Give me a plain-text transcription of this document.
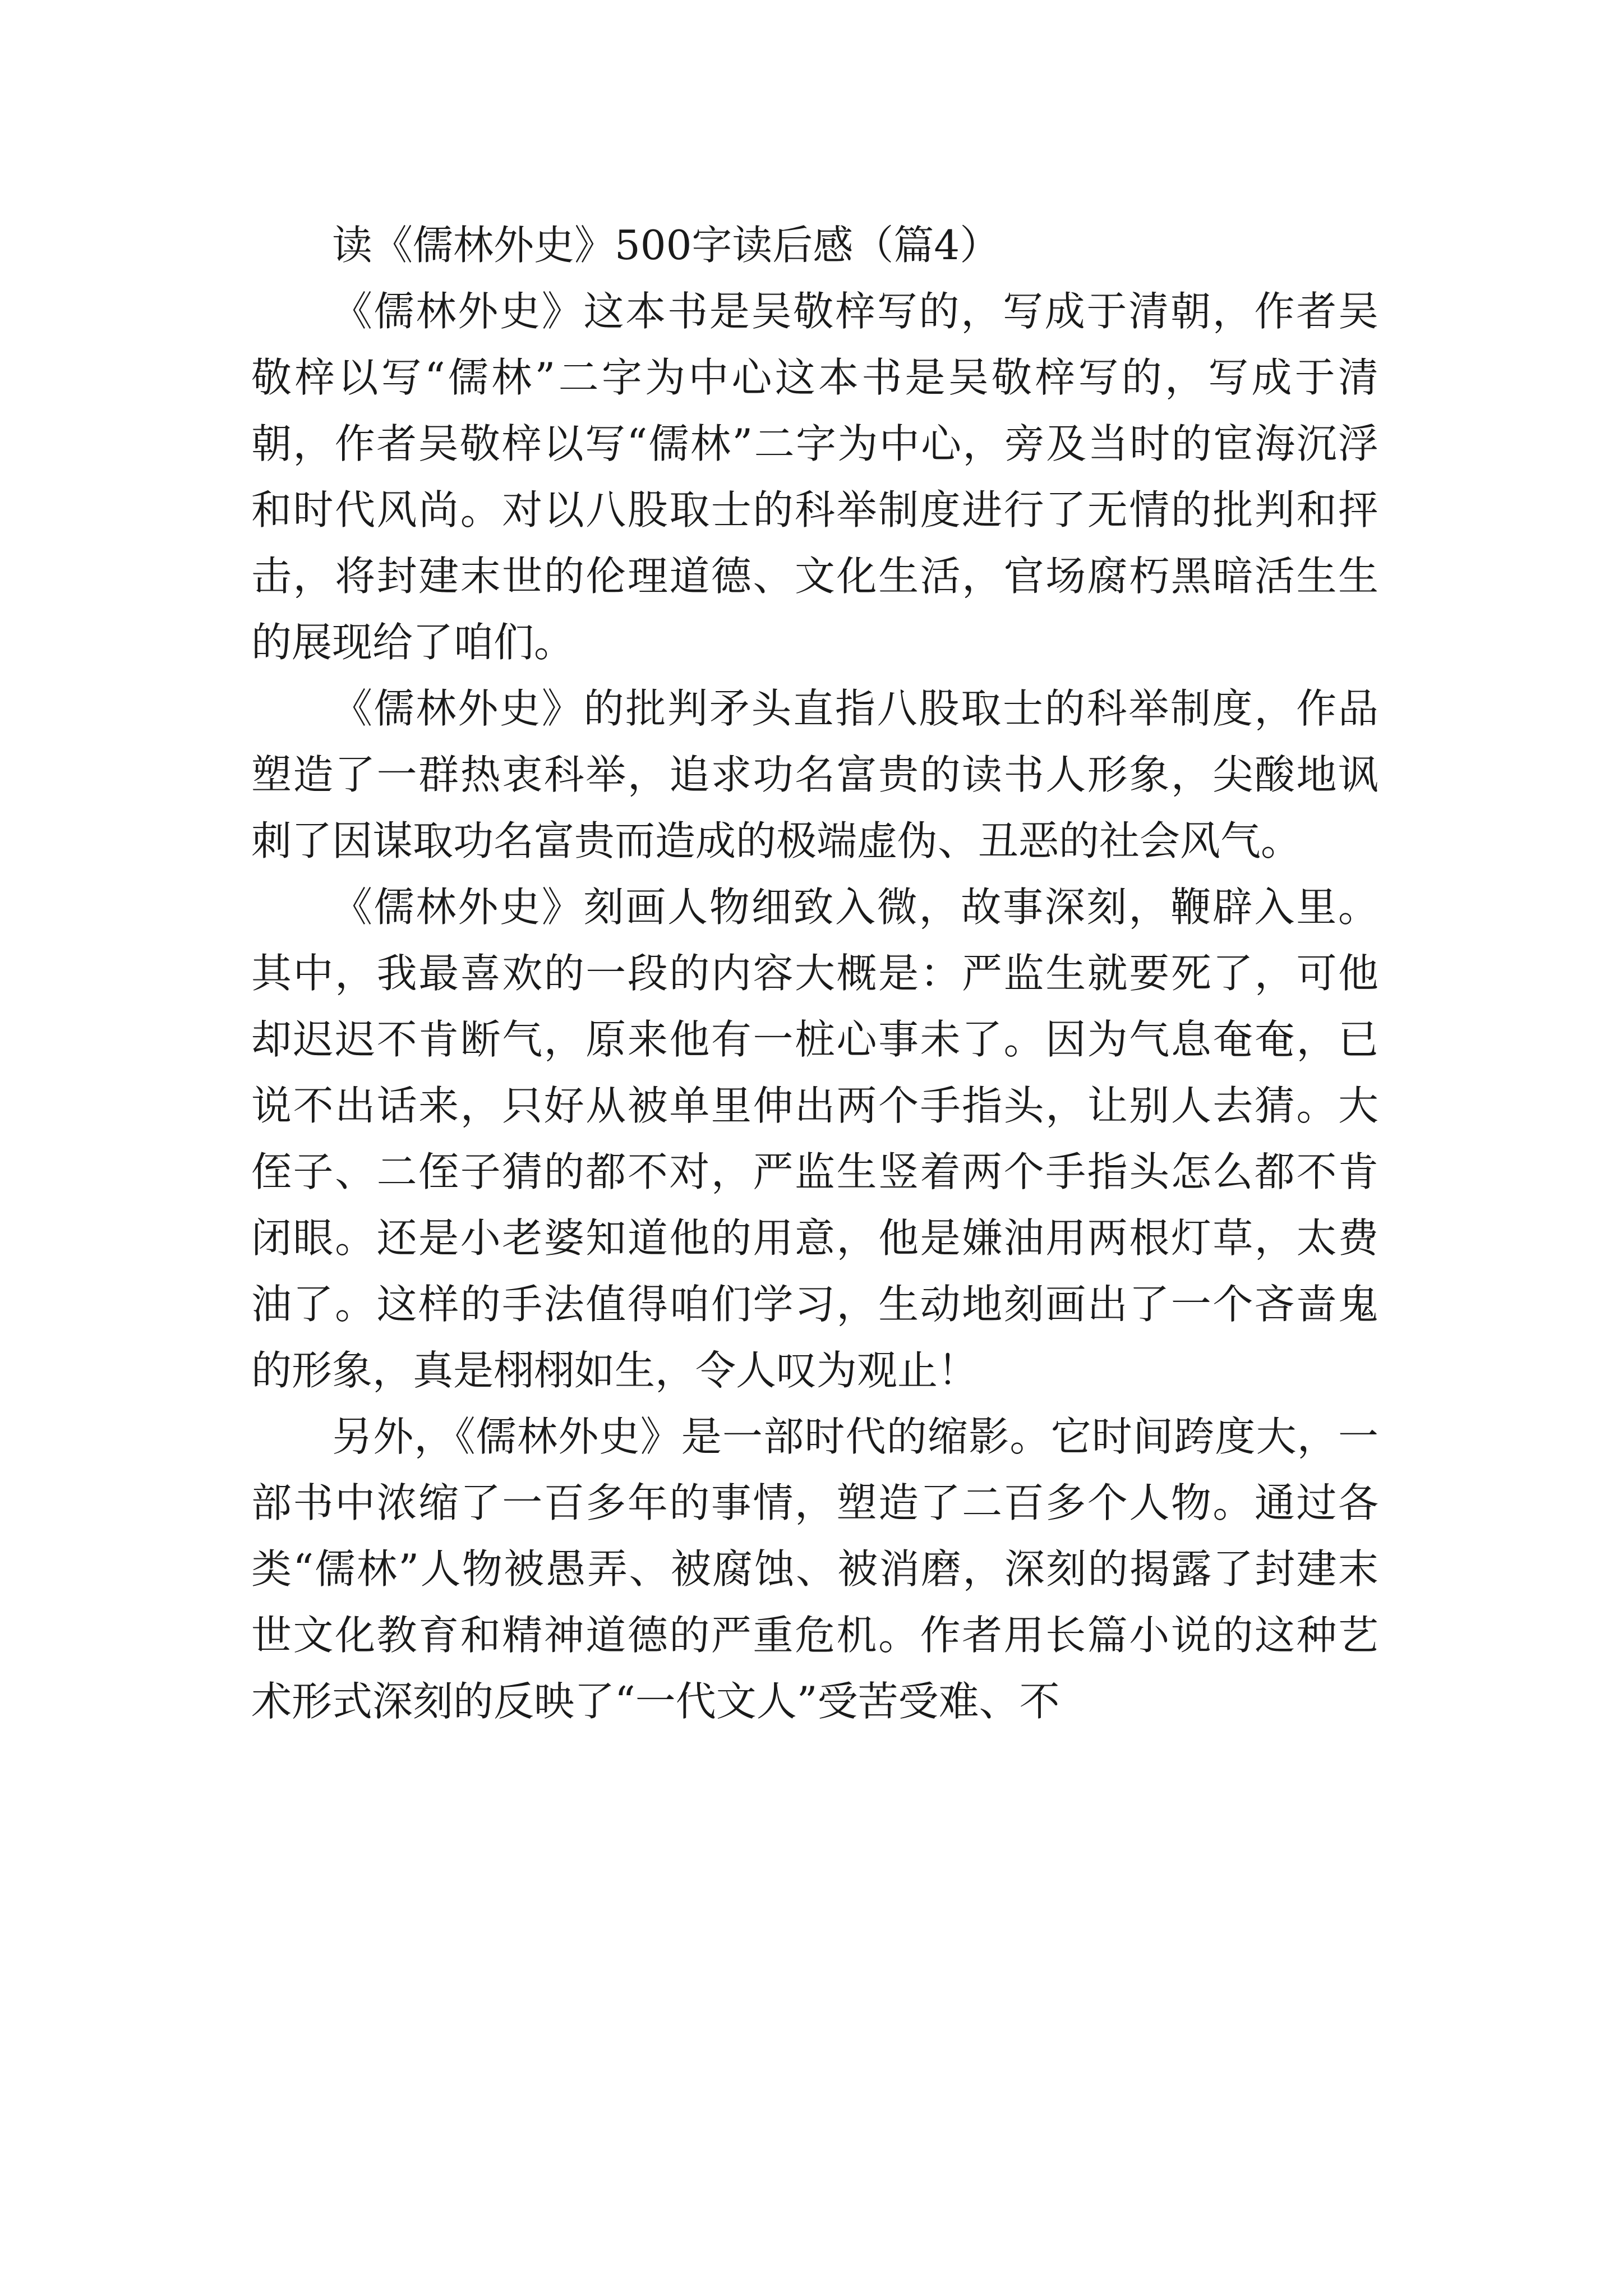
读《儒林外史》500字读后感（篇4）

《儒林外史》这本书是吴敬梓写的，写成于清朝，作者吴敬梓以写“儒林”二字为中心这本书是吴敬梓写的，写成于清朝，作者吴敬梓以写“儒林”二字为中心，旁及当时的宦海沉浮和时代风尚。对以八股取士的科举制度进行了无情的批判和抨击，将封建末世的伦理道德、文化生活，官场腐朽黑暗活生生的展现给了咱们。

《儒林外史》的批判矛头直指八股取士的科举制度，作品塑造了一群热衷科举，追求功名富贵的读书人形象，尖酸地讽刺了因谋取功名富贵而造成的极端虚伪、丑恶的社会风气。

《儒林外史》刻画人物细致入微，故事深刻，鞭辟入里。其中，我最喜欢的一段的内容大概是：严监生就要死了，可他却迟迟不肯断气，原来他有一桩心事未了。因为气息奄奄，已说不出话来，只好从被单里伸出两个手指头，让别人去猜。大侄子、二侄子猜的都不对，严监生竖着两个手指头怎么都不肯闭眼。还是小老婆知道他的用意，他是嫌油用两根灯草，太费油了。这样的手法值得咱们学习，生动地刻画出了一个吝啬鬼的形象，真是栩栩如生，令人叹为观止！

另外，《儒林外史》是一部时代的缩影。它时间跨度大，一部书中浓缩了一百多年的事情，塑造了二百多个人物。通过各类“儒林”人物被愚弄、被腐蚀、被消磨，深刻的揭露了封建末世文化教育和精神道德的严重危机。作者用长篇小说的这种艺术形式深刻的反映了“一代文人”受苦受难、不
